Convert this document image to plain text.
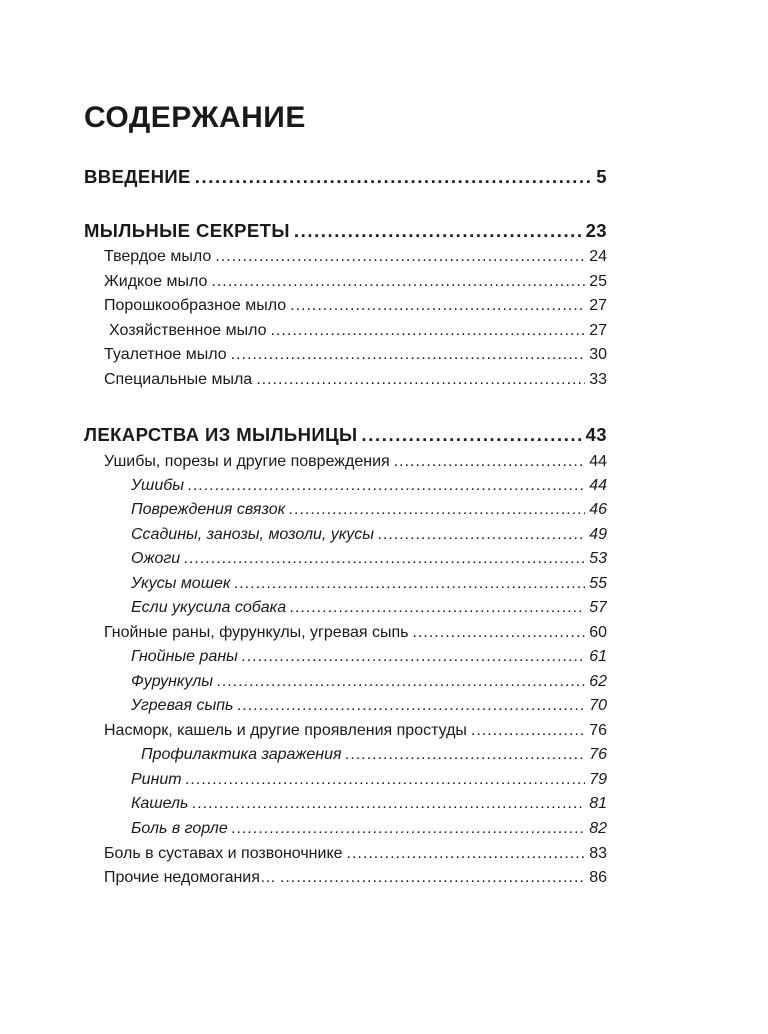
СОДЕРЖАНИЕ
ВВЕДЕНИЕ .....	5
МЫЛЬНЫЕ СЕКРЕТЫ .....	23
Твердое мыло .....	24
Жидкое мыло .....	25
Порошкообразное мыло .....	27
Хозяйственное мыло .....	27
Туалетное мыло .....	30
Специальные мыла .....	33
ЛЕКАРСТВА ИЗ МЫЛЬНИЦЫ .....	43
Ушибы, порезы и другие повреждения .....	44
Ушибы .....	44
Повреждения связок .....	46
Ссадины, занозы, мозоли, укусы .....	49
Ожоги .....	53
Укусы мошек .....	55
Если укусила собака .....	57
Гнойные раны, фурункулы, угревая сыпь .....	60
Гнойные раны .....	61
Фурункулы .....	62
Угревая сыпь .....	70
Насморк, кашель и другие проявления простуды .....	76
Профилактика заражения .....	76
Ринит .....	79
Кашель .....	81
Боль в горле .....	82
Боль в суставах и позвоночнике .....	83
Прочие недомогания… .....	86
